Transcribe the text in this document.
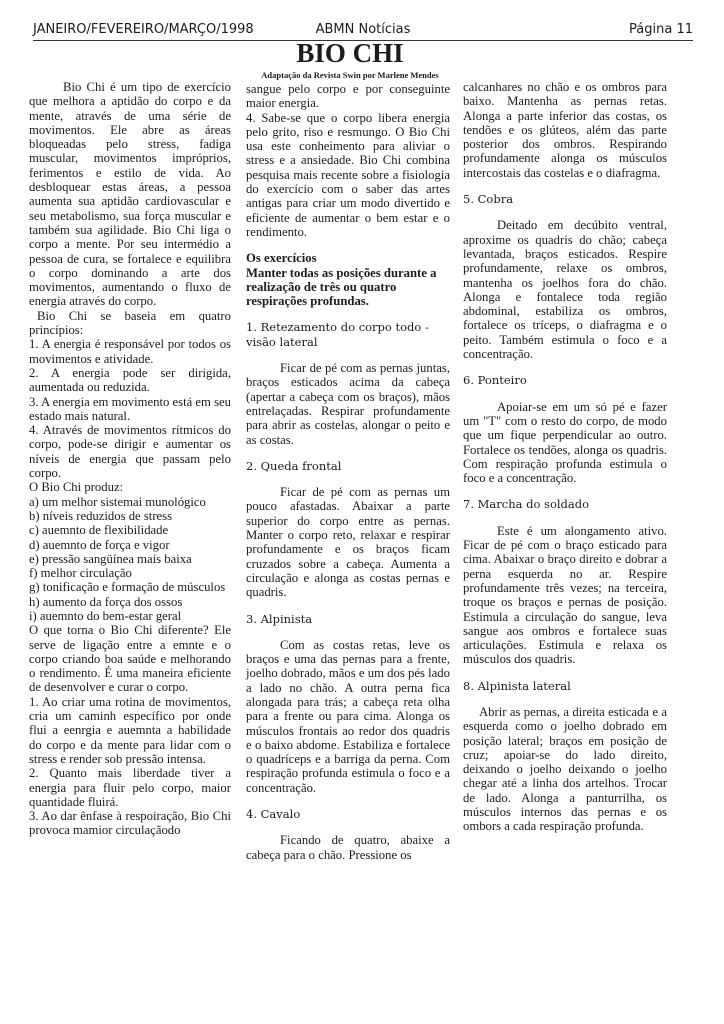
JANEIRO/FEVEREIRO/MARÇO/1998	ABMN Notícias	Página 11
BIO CHI
Adaptação da Revista Swin por Marlene Mendes

Bio Chi é um tipo de exercício que melhora a aptidão do corpo e da mente, através de uma série de movimentos. Ele abre as áreas bloqueadas pelo stress, fadiga muscular, movimentos impróprios, ferimentos e estilo de vida. Ao desbloquear estas áreas, a pessoa aumenta sua aptidão cardiovascular e seu metabolismo, sua força muscular e também sua agilidade. Bio Chi liga o corpo a mente. Por seu intermédio a pessoa de cura, se fortalece e equilibra o corpo dominando a arte dos movimentos, aumentando o fluxo de energia através do corpo.

Bio Chi se baseia em quatro princípios:

1. A energia é responsável por todos os movimentos e atividade.

2. A energia pode ser dirigida, aumentada ou reduzida.

3. A energia em movimento está em seu estado mais natural.

4. Através de movimentos rítmicos do corpo, pode-se dirigir e aumentar os níveis de energia que passam pelo corpo.

O Bio Chi produz:

a) um melhor sistemai munológico

b) níveis reduzidos de stress

c) auemnto de flexibilidade

d) auemnto de força e vigor

e) pressão sangüínea mais baixa

f) melhor circulação

g) tonificação e formação de músculos

h) aumento da força dos ossos

i) auemnto do bem-estar geral

O que torna o Bio Chi diferente? Ele serve de ligação entre a emnte e o corpo criando boa saúde e melhorando o rendimento. É uma maneira eficiente de desenvolver e curar o corpo.

1. Ao criar uma rotina de movimentos, cria um caminh específico por onde flui a eenrgia e auemnta a habilidade do corpo e da mente para lidar com o stress e render sob pressão intensa.

2. Quanto mais liberdade tiver a energia para fluir pelo corpo, maior quantidade fluirá.

3. Ao dar ênfase à respoiração, Bio Chi provoca mamior circulaçãodo

sangue pelo corpo e por conseguinte maior energia.

4. Sabe-se que o corpo libera energia pelo grito, riso e resmungo. O Bio Chi usa este conheimento para aliviar o stress e a ansiedade. Bio Chi combina pesquisa mais recente sobre a fisiologia do exercício com o saber das artes antigas para criar um modo divertido e eficiente de aumentar o bem estar e o rendimento.

Os exercícios

Manter todas as posições durante a realização de três ou quatro respirações profundas.

1. Retezamento do corpo todo - visão lateral

Ficar de pé com as pernas juntas, braços esticados acima da cabeça (apertar a cabeça com os braços), mãos entrelaçadas. Respirar profundamente para abrir as costelas, alongar o peito e as costas.

2. Queda frontal

Ficar de pé com as pernas um pouco afastadas. Abaixar a parte superior do corpo entre as pernas. Manter o corpo reto, relaxar e respirar profundamente e os braços ficam cruzados sobre a cabeça. Aumenta a circulação e alonga as costas pernas e quadris.

3. Alpinista

Com as costas retas, leve os braços e uma das pernas para a frente, joelho dobrado, mãos e um dos pés lado a lado no chão. A outra perna fica alongada para trás; a cabeça reta olha para a frente ou para cima. Alonga os músculos frontais ao redor dos quadris e o baixo abdome. Estabiliza e fortalece o quadríceps e a barriga da perna. Com respiração profunda estimula o foco e a concentração.

4. Cavalo

Ficando de quatro, abaixe a cabeça para o chão. Pressione os

calcanhares no chão e os ombros para baixo. Mantenha as pernas retas. Alonga a parte inferior das costas, os tendões e os glúteos, além das parte posterior dos ombros. Respirando profundamente alonga os músculos intercostais das costelas e o diafragma.

5. Cobra

Deitado em decúbito ventral, aproxime os quadris do chão; cabeça levantada, braços esticados. Respire profundamente, relaxe os ombros, mantenha os joelhos fora do chão. Alonga e fontalece toda região abdominal, estabiliza os ombros, fortalece os tríceps, o diafragma e o peito. Também estimula o foco e a concentração.

6. Ponteiro

Apoiar-se em um só pé e fazer um "T" com o resto do corpo, de modo que um fique perpendicular ao outro. Fortalece os tendões, alonga os quadris. Com respiração profunda estimula o foco e a concentração.

7. Marcha do soldado

Este é um alongamento ativo. Ficar de pé com o braço esticado para cima. Abaixar o braço direito e dobrar a perna esquerda no ar. Respire profundamente três vezes; na terceira, troque os braços e pernas de posição. Estimula a circulação do sangue, leva sangue aos ombros e fortalece suas articulações. Estimula e relaxa os músculos dos quadris.

8. Alpinista lateral

Abrir as pernas, a direita esticada e a esquerda como o joelho dobrado em posição lateral; braços em posição de cruz; apoiar-se do lado direito, deixando o joelho deixando o joelho chegar até a linha dos artelhos. Trocar de lado. Alonga a panturrilha, os músculos internos das pernas e os ombors a cada respiração profunda.
